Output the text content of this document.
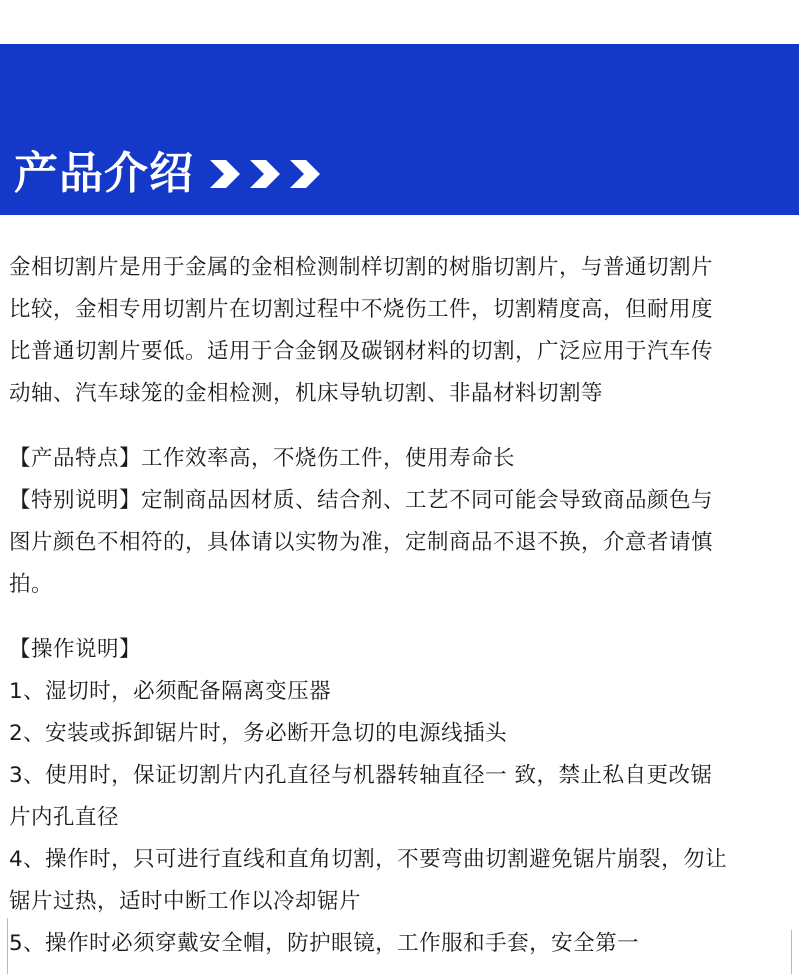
产品介绍
金相切割片是用于金属的金相检测制样切割的树脂切割片，与普通切割片
比较，金相专用切割片在切割过程中不烧伤工件，切割精度高，但耐用度
比普通切割片要低。适用于合金钢及碳钢材料的切割，广泛应用于汽车传
动轴、汽车球笼的金相检测，机床导轨切割、非晶材料切割等
【产品特点】工作效率高，不烧伤工件，使用寿命长
【特别说明】定制商品因材质、结合剂、工艺不同可能会导致商品颜色与
图片颜色不相符的，具体请以实物为准，定制商品不退不换，介意者请慎
拍。
【操作说明】
1、湿切时，必须配备隔离变压器
2、安装或拆卸锯片时，务必断开急切的电源线插头
3、使用时，保证切割片内孔直径与机器转轴直径一 致，禁止私自更改锯
片内孔直径
4、操作时，只可进行直线和直角切割，不要弯曲切割避免锯片崩裂，勿让
锯片过热，适时中断工作以冷却锯片
5、操作时必须穿戴安全帽，防护眼镜，工作服和手套，安全第一
